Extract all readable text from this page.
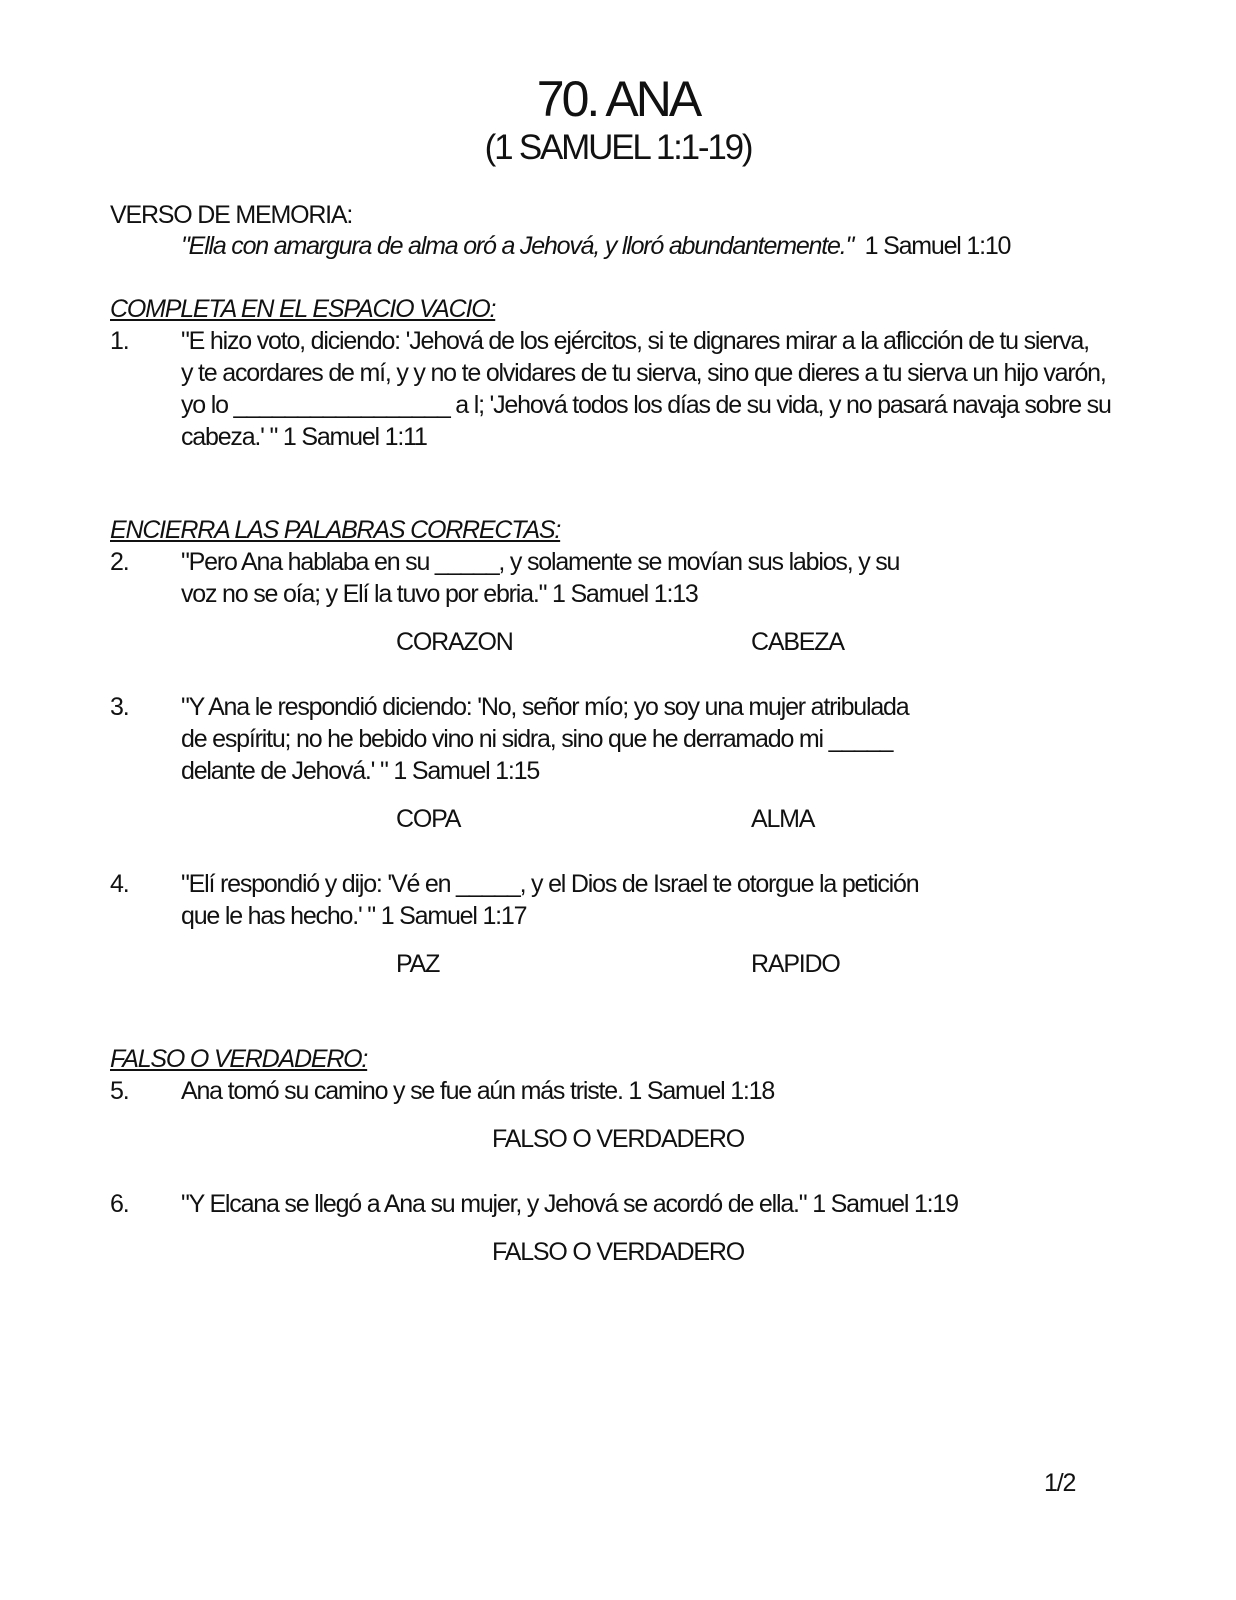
70. ANA
(1 SAMUEL 1:1-19)
VERSO DE MEMORIA:
"Ella con amargura de alma oró a Jehová, y lloró abundantemente." 1 Samuel 1:10
COMPLETA EN EL ESPACIO VACIO:
1. "E hizo voto, diciendo: 'Jehová de los ejércitos, si te dignares mirar a la aflicción de tu sierva,
y te acordares de mí, y y no te olvidares de tu sierva, sino que dieres a tu sierva un hijo varón,
yo lo _________________ a l; 'Jehová todos los días de su vida, y no pasará navaja sobre su
cabeza.' " 1 Samuel 1:11
ENCIERRA LAS PALABRAS CORRECTAS:
2. "Pero Ana hablaba en su _____, y solamente se movían sus labios, y su
voz no se oía; y Elí la tuvo por ebria." 1 Samuel 1:13
CORAZON	CABEZA
3. "Y Ana le respondió diciendo: 'No, señor mío; yo soy una mujer atribulada
de espíritu; no he bebido vino ni sidra, sino que he derramado mi _____
delante de Jehová.' " 1 Samuel 1:15
COPA	ALMA
4. "Elí respondió y dijo: 'Vé en _____, y el Dios de Israel te otorgue la petición
que le has hecho.' " 1 Samuel 1:17
PAZ	RAPIDO
FALSO O VERDADERO:
5. Ana tomó su camino y se fue aún más triste. 1 Samuel 1:18
FALSO O VERDADERO
6. "Y Elcana se llegó a Ana su mujer, y Jehová se acordó de ella." 1 Samuel 1:19
FALSO O VERDADERO
1/2
